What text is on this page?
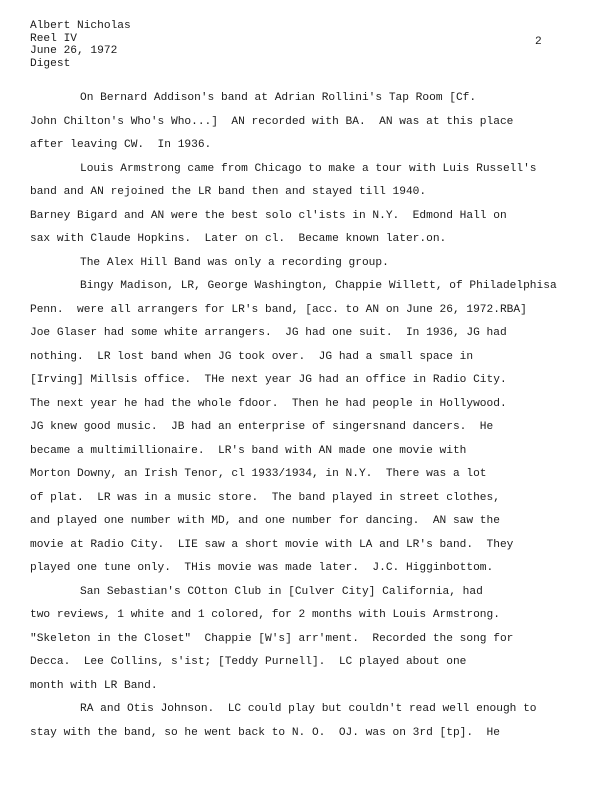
Albert Nicholas
Reel IV
June 26, 1972
Digest
2
On Bernard Addison's band at Adrian Rollini's Tap Room [Cf.
John Chilton's Who's Who...]  AN recorded with BA.  AN was at this place
after leaving CW.  In 1936.
Louis Armstrong came from Chicago to make a tour with Luis Russell's
band and AN rejoined the LR band then and stayed till 1940.
Barney Bigard and AN were the best solo cl'ists in N.Y.  Edmond Hall on
sax with Claude Hopkins.  Later on cl.  Became known later.on.
The Alex Hill Band was only a recording group.
Bingy Madison, LR, George Washington, Chappie Willett, of Philadelphisa
Penn.  were all arrangers for LR's band, [acc. to AN on June 26, 1972.RBA]
Joe Glaser had some white arrangers.  JG had one suit.  In 1936, JG had
nothing.  LR lost band when JG took over.  JG had a small space in
[Irving] Millsis office.  THe next year JG had an office in Radio City.
The next year he had the whole fdoor.  Then he had people in Hollywood.
JG knew good music.  JB had an enterprise of singersnand dancers.  He
became a multimillionaire.  LR's band with AN made one movie with
Morton Downy, an Irish Tenor, cl 1933/1934, in N.Y.  There was a lot
of plat.  LR was in a music store.  The band played in street clothes,
and played one number with MD, and one number for dancing.  AN saw the
movie at Radio City.  LIE saw a short movie with LA and LR's band.  They
played one tune only.  THis movie was made later.  J.C. Higginbottom.
San Sebastian's COtton Club in [Culver City] California, had
two reviews, 1 white and 1 colored, for 2 months with Louis Armstrong.
"Skeleton in the Closet"  Chappie [W's] arr'ment.  Recorded the song for
Decca.  Lee Collins, s'ist; [Teddy Purnell].  LC played about one
month with LR Band.
RA and Otis Johnson.  LC could play but couldn't read well enough to
stay with the band, so he went back to N. O.  OJ. was on 3rd [tp].  He
